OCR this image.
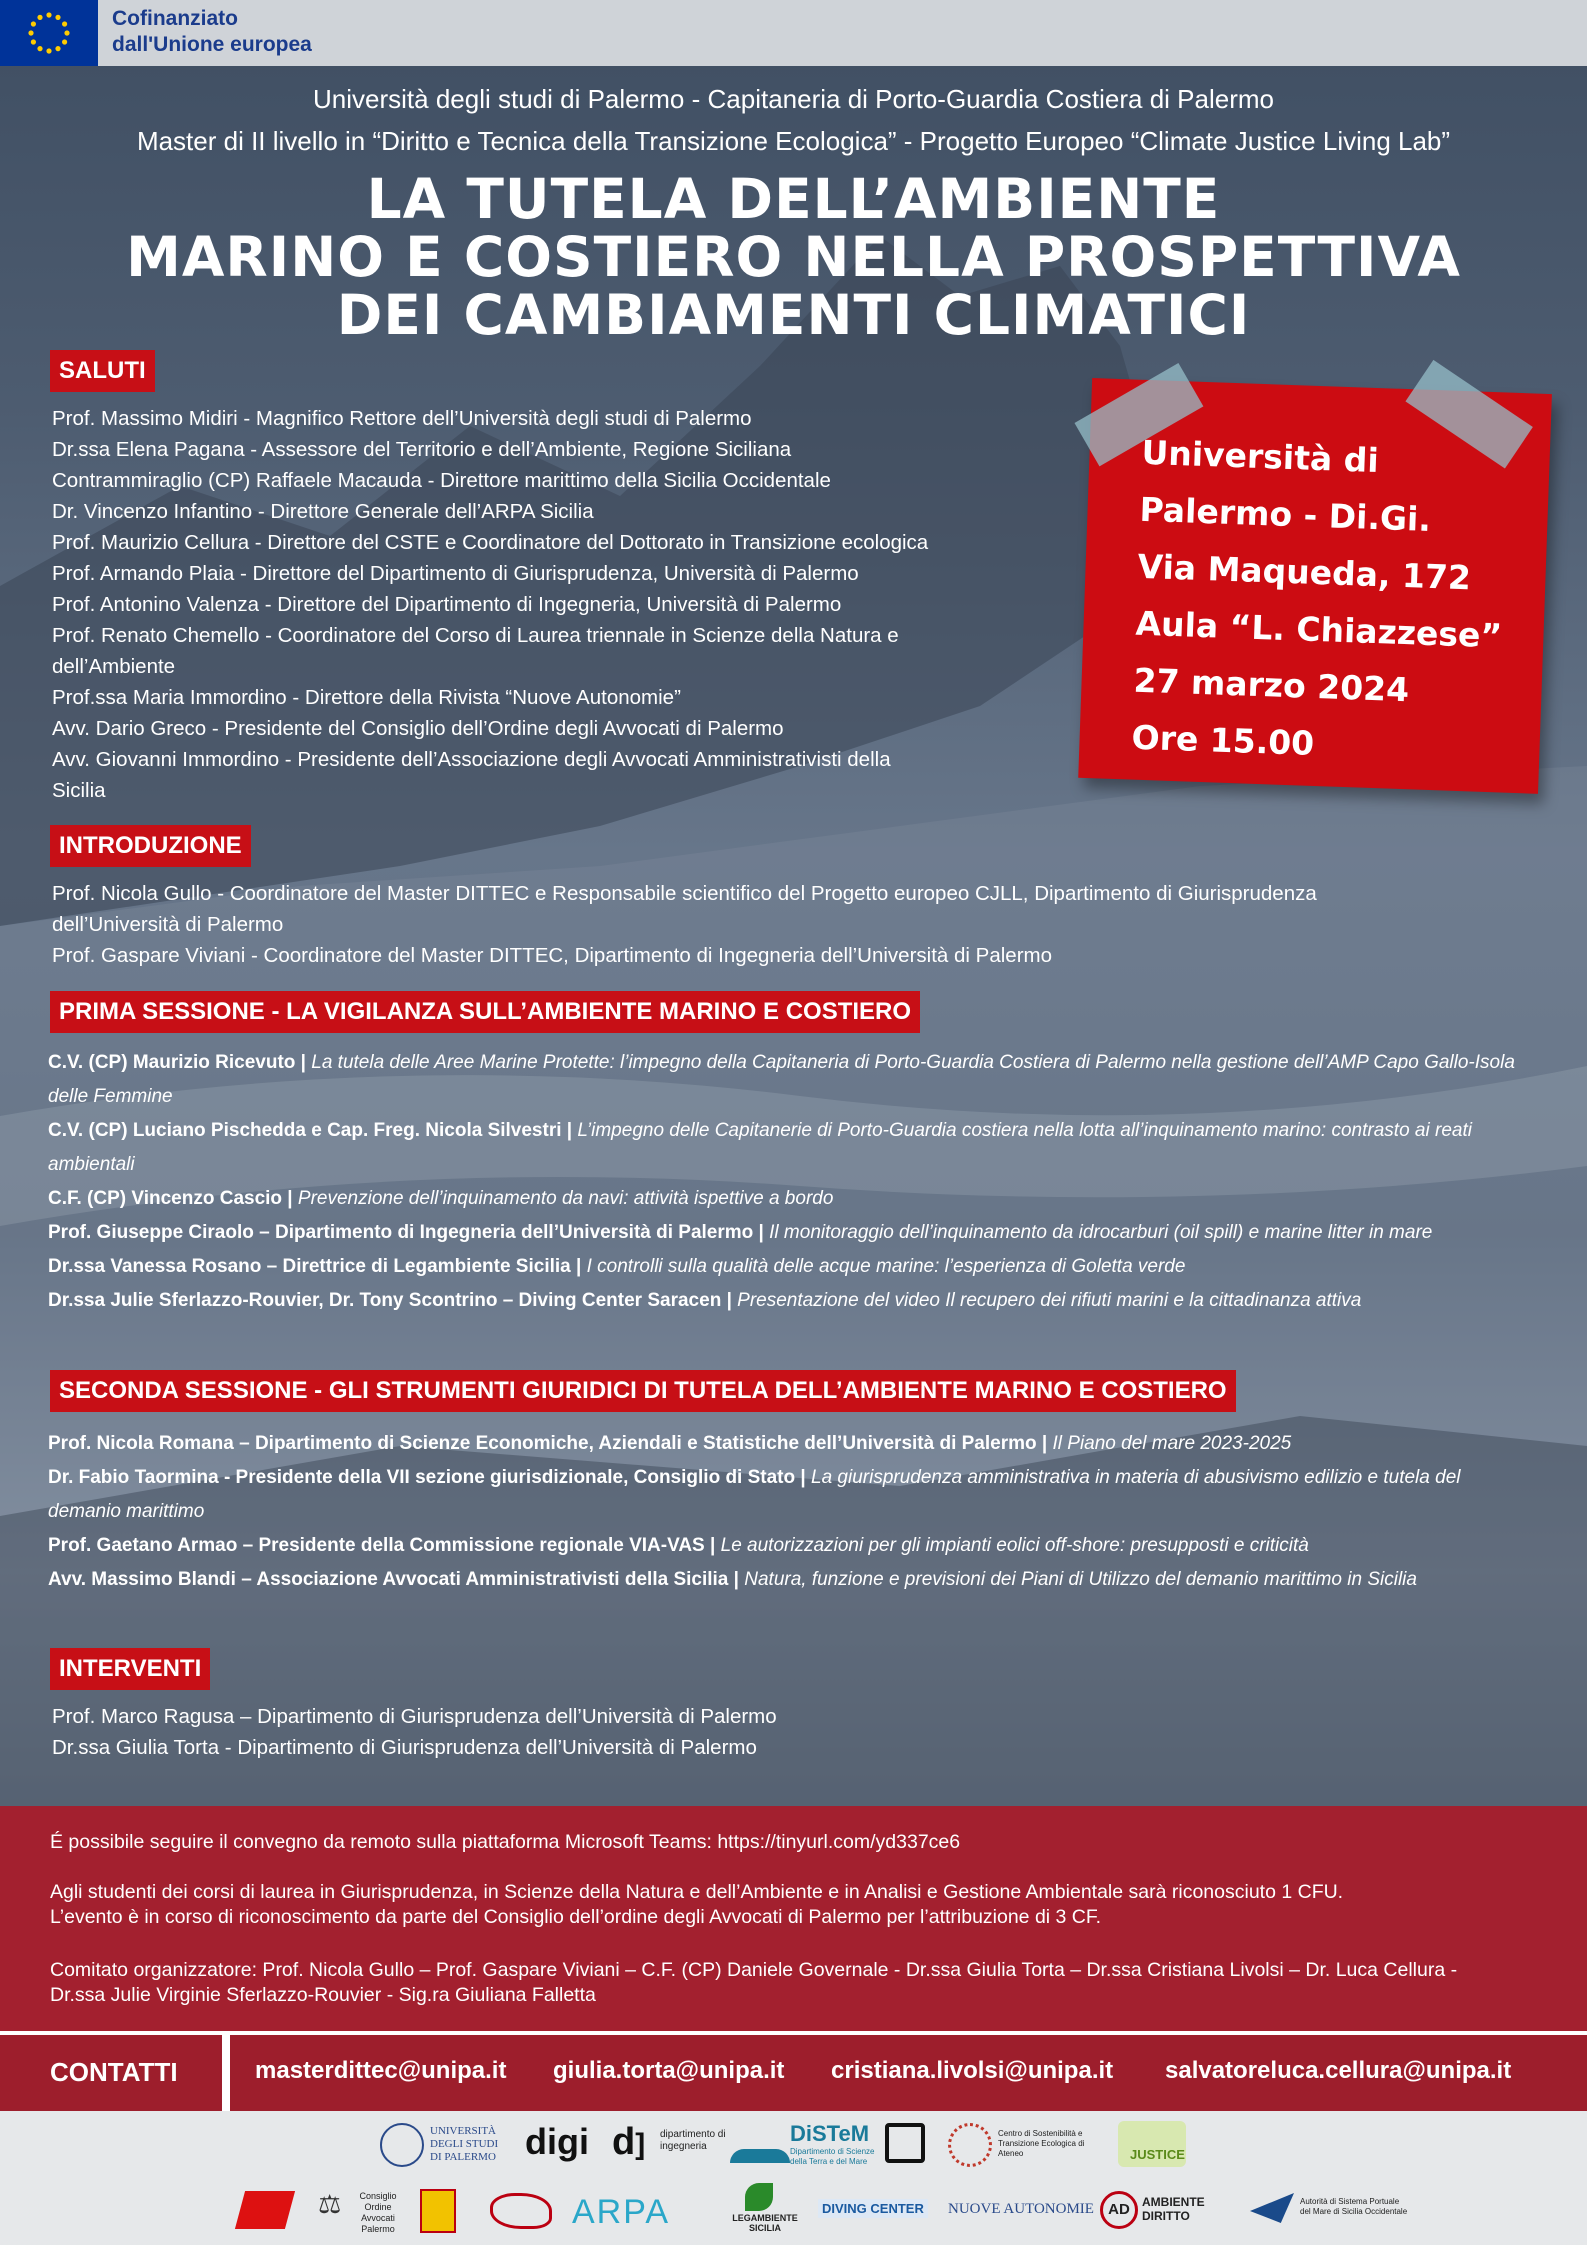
Cofinanziato
dall'Unione europea
Università degli studi di Palermo - Capitaneria di Porto-Guardia Costiera di Palermo
Master di II livello in “Diritto e Tecnica della Transizione Ecologica” - Progetto Europeo “Climate Justice Living Lab”
LA TUTELA DELL’AMBIENTE
MARINO E COSTIERO NELLA PROSPETTIVA
DEI CAMBIAMENTI CLIMATICI
Università di
Palermo - Di.Gi.
Via Maqueda, 172
Aula “L. Chiazzese”
27 marzo 2024
Ore 15.00
SALUTI
Prof. Massimo Midiri - Magnifico Rettore dell’Università degli studi di Palermo
Dr.ssa Elena Pagana - Assessore del Territorio e dell’Ambiente, Regione Siciliana
Contrammiraglio (CP) Raffaele Macauda - Direttore marittimo della Sicilia Occidentale
Dr. Vincenzo Infantino - Direttore Generale dell’ARPA Sicilia
Prof. Maurizio Cellura - Direttore del CSTE e Coordinatore del Dottorato in Transizione ecologica
Prof. Armando Plaia - Direttore del Dipartimento di Giurisprudenza, Università di Palermo
Prof. Antonino Valenza - Direttore del Dipartimento di Ingegneria, Università di Palermo
Prof. Renato Chemello - Coordinatore del Corso di Laurea triennale in Scienze della Natura e
dell’Ambiente
Prof.ssa Maria Immordino - Direttore della Rivista “Nuove Autonomie”
Avv. Dario Greco - Presidente del Consiglio dell’Ordine degli Avvocati di Palermo
Avv. Giovanni Immordino - Presidente dell’Associazione degli Avvocati Amministrativisti della
Sicilia
INTRODUZIONE
Prof. Nicola Gullo - Coordinatore del Master DITTEC e Responsabile scientifico del Progetto europeo CJLL, Dipartimento di Giurisprudenza
dell’Università di Palermo
Prof. Gaspare Viviani - Coordinatore del Master DITTEC, Dipartimento di Ingegneria dell’Università di Palermo
PRIMA SESSIONE - LA VIGILANZA SULL’AMBIENTE MARINO E COSTIERO
C.V. (CP) Maurizio Ricevuto | La tutela delle Aree Marine Protette: l’impegno della Capitaneria di Porto-Guardia Costiera di Palermo nella gestione dell’AMP Capo Gallo-Isola delle Femmine
C.V. (CP) Luciano Pischedda e Cap. Freg. Nicola Silvestri | L’impegno delle Capitanerie di Porto-Guardia costiera nella lotta all’inquinamento marino: contrasto ai reati ambientali
C.F. (CP) Vincenzo Cascio | Prevenzione dell’inquinamento da navi: attività ispettive a bordo
Prof. Giuseppe Ciraolo – Dipartimento di Ingegneria dell’Università di Palermo | Il monitoraggio dell’inquinamento da idrocarburi (oil spill) e marine litter in mare
Dr.ssa Vanessa Rosano – Direttrice di Legambiente Sicilia | I controlli sulla qualità delle acque marine: l’esperienza di Goletta verde
Dr.ssa Julie Sferlazzo-Rouvier, Dr. Tony Scontrino – Diving Center Saracen | Presentazione del video Il recupero dei rifiuti marini e la cittadinanza attiva
SECONDA SESSIONE - GLI STRUMENTI GIURIDICI DI TUTELA DELL’AMBIENTE MARINO E COSTIERO
Prof. Nicola Romana – Dipartimento di Scienze Economiche, Aziendali e Statistiche dell’Università di Palermo | Il Piano del mare 2023-2025
Dr. Fabio Taormina - Presidente della VII sezione giurisdizionale, Consiglio di Stato | La giurisprudenza amministrativa in materia di abusivismo edilizio e tutela del demanio marittimo
Prof. Gaetano Armao – Presidente della Commissione regionale VIA-VAS | Le autorizzazioni per gli impianti eolici off-shore: presupposti e criticità
Avv. Massimo Blandi – Associazione Avvocati Amministrativisti della Sicilia | Natura, funzione e previsioni dei Piani di Utilizzo del demanio marittimo in Sicilia
INTERVENTI
Prof. Marco Ragusa – Dipartimento di Giurisprudenza dell’Università di Palermo
Dr.ssa Giulia Torta - Dipartimento di Giurisprudenza dell’Università di Palermo

É possibile seguire il convegno da remoto sulla piattaforma Microsoft Teams: https://tinyurl.com/yd337ce6

Agli studenti dei corsi di laurea in Giurisprudenza, in Scienze della Natura e dell’Ambiente e in Analisi e Gestione Ambientale sarà riconosciuto 1 CFU.

L’evento è in corso di riconoscimento da parte del Consiglio dell’ordine degli Avvocati di Palermo per l’attribuzione di 3 CF.

Comitato organizzatore: Prof. Nicola Gullo – Prof. Gaspare Viviani – C.F. (CP) Daniele Governale - Dr.ssa Giulia Torta – Dr.ssa Cristiana Livolsi – Dr. Luca Cellura -

Dr.ssa Julie Virginie Sferlazzo-Rouvier - Sig.ra Giuliana Falletta

CONTATTI	masterdittec@unipa.it giulia.torta@unipa.it cristiana.livolsi@unipa.it salvatoreluca.cellura@unipa.it
UNIVERSITÀ DEGLI STUDI DI PALERMO digi d] dipartimento di ingegneria
DiSTeM
Dipartimento di Scienze della Terra e del Mare
Centro di Sostenibilità e Transizione Ecologica di Ateneo	JUSTICE
⚖	Consiglio Ordine Avvocati Palermo	ARPA	LEGAMBIENTE SICILIA
DIVING CENTER NUOVE AUTONOMIE AD	AMBIENTE DIRITTO
Autorità di Sistema Portuale del Mare di Sicilia Occidentale
